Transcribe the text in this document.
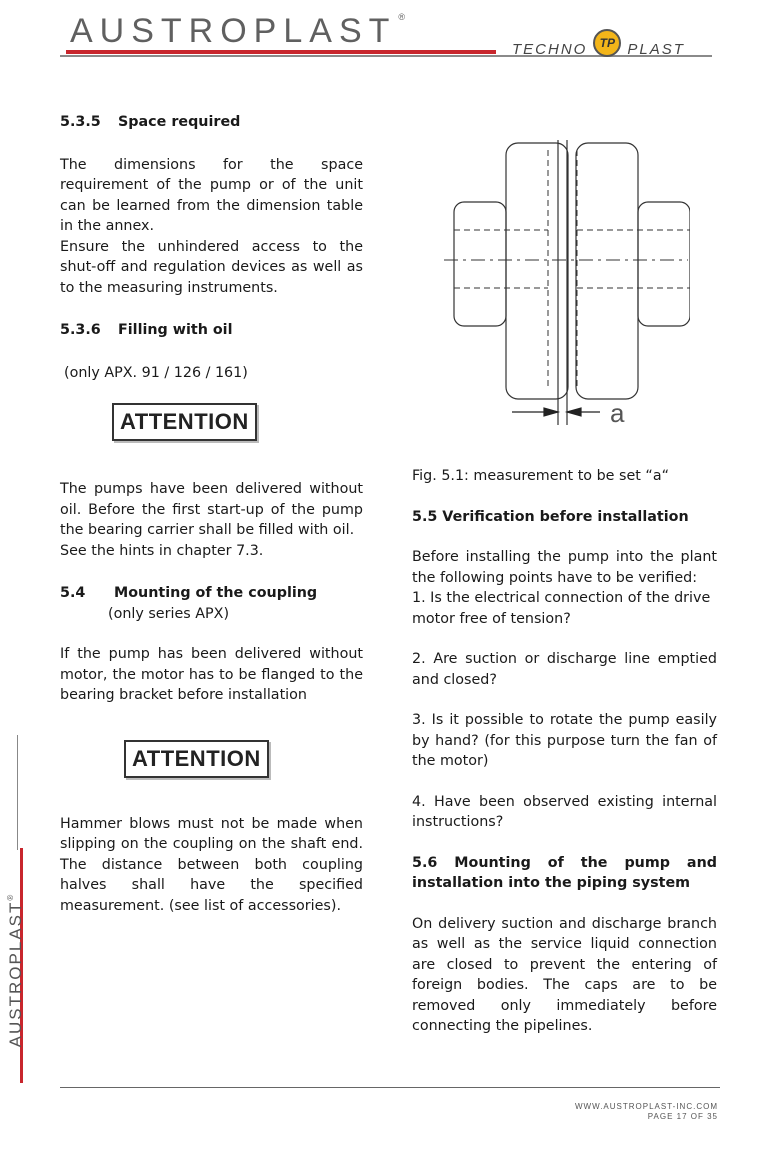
AUSTROPLAST ®
TECHNO	TP PLAST
AUSTROPLAST®

5.3.5 Space required

The dimensions for the space requirement of the pump or of the unit can be learned from the dimension table in the annex.

Ensure the unhindered access to the shut-off and regulation devices as well as to the measuring instruments.

5.3.6 Filling with oil

(only APX. 91 / 126 / 161)

ATTENTION

The pumps have been delivered without oil. Before the first start-up of the pump the bearing carrier shall be filled with oil.

See the hints in chapter 7.3.

5.4 Mounting of the coupling

(only series APX)

If the pump has been delivered without motor, the motor has to be flanged to the bearing bracket before installation

ATTENTION

Hammer blows must not be made when slipping on the coupling on the shaft end. The distance between both coupling halves shall have the specified measurement. (see list of accessories).

a

Fig. 5.1: measurement to be set “a“

5.5 Verification before installation

Before installing the pump into the plant the following points have to be verified:

1. Is the electrical connection of the drive motor free of tension?

2. Are suction or discharge line emptied and closed?

3. Is it possible to rotate the pump easily by hand? (for this purpose turn the fan of the motor)

4. Have been observed existing internal instructions?

5.6 Mounting of the pump and installation into the piping system

On delivery suction and discharge branch as well as the service liquid connection are closed to prevent the entering of foreign bodies. The caps are to be removed only immediately before connecting the pipelines.

WWW.AUSTROPLAST-INC.COM
PAGE 17 OF 35
